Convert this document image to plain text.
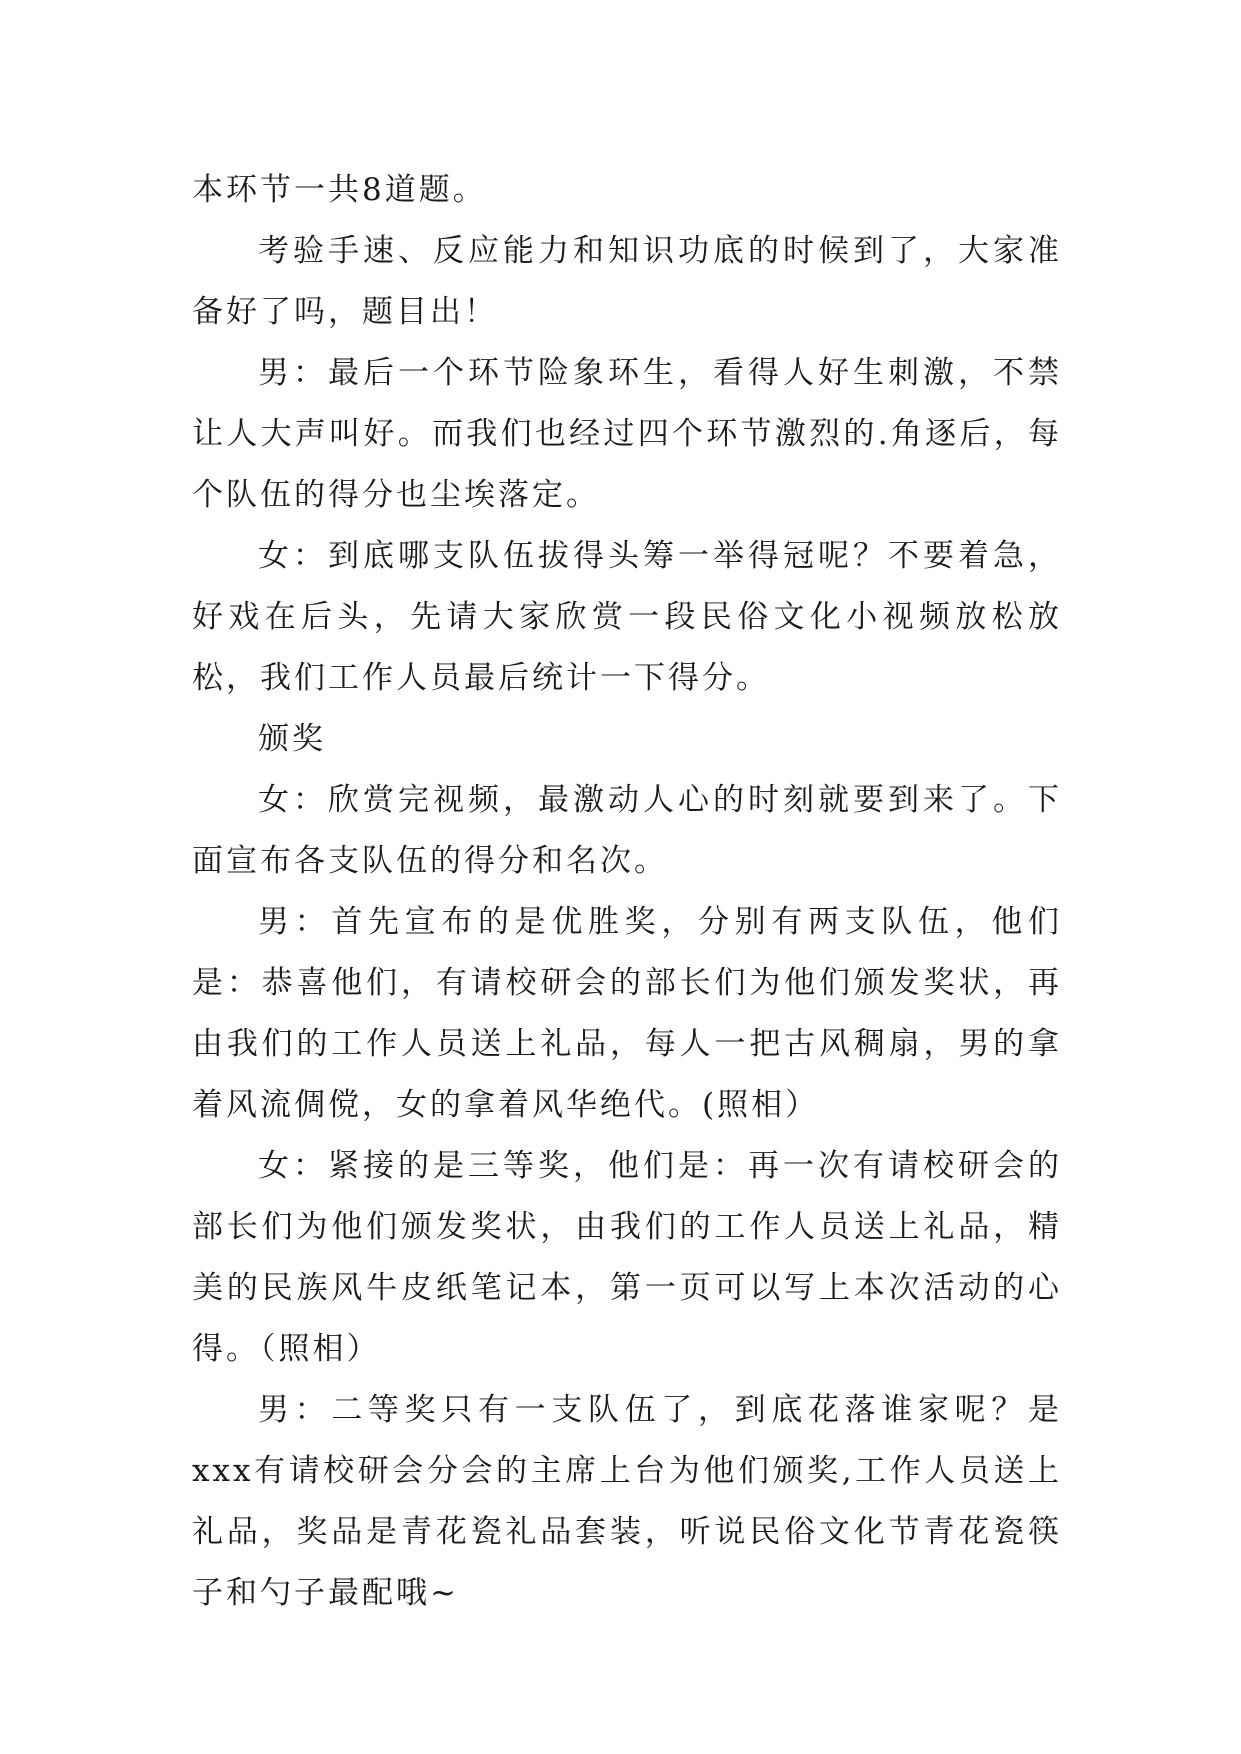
本环节一共8道题。

考验手速、反应能力和知识功底的时候到了，大家准备好了吗，题目出！

男：最后一个环节险象环生，看得人好生刺激，不禁让人大声叫好。而我们也经过四个环节激烈的.角逐后，每个队伍的得分也尘埃落定。

女：到底哪支队伍拔得头筹一举得冠呢？不要着急，好戏在后头，先请大家欣赏一段民俗文化小视频放松放松，我们工作人员最后统计一下得分。

颁奖

女：欣赏完视频，最激动人心的时刻就要到来了。下面宣布各支队伍的得分和名次。

男：首先宣布的是优胜奖，分别有两支队伍，他们是：恭喜他们，有请校研会的部长们为他们颁发奖状，再由我们的工作人员送上礼品，每人一把古风稠扇，男的拿着风流倜傥，女的拿着风华绝代。(照相）

女：紧接的是三等奖，他们是：再一次有请校研会的部长们为他们颁发奖状，由我们的工作人员送上礼品，精美的民族风牛皮纸笔记本，第一页可以写上本次活动的心得。（照相）

男：二等奖只有一支队伍了，到底花落谁家呢？是xxx有请校研会分会的主席上台为他们颁奖,工作人员送上礼品，奖品是青花瓷礼品套装，听说民俗文化节青花瓷筷子和勺子最配哦~
